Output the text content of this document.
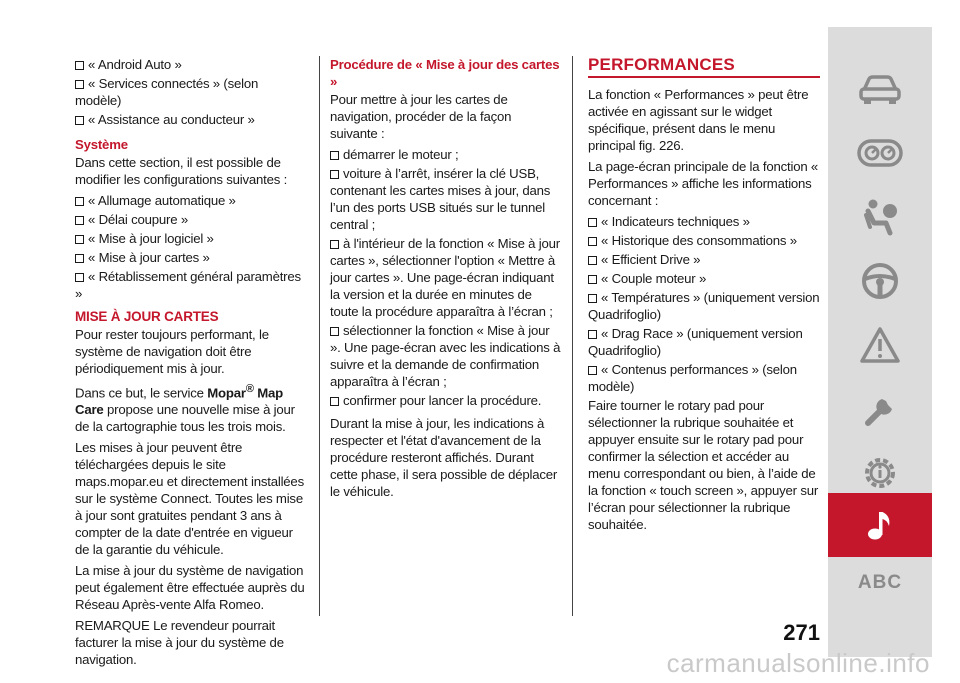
« Android Auto »
« Services connectés » (selon modèle)
« Assistance au conducteur »
Système

Dans cette section, il est possible de modifier les configurations suivantes :

« Allumage automatique »
« Délai coupure »
« Mise à jour logiciel »
« Mise à jour cartes »
« Rétablissement général paramètres »
MISE À JOUR CARTES

Pour rester toujours performant, le système de navigation doit être périodiquement mis à jour.

Dans ce but, le service Mopar® Map Care propose une nouvelle mise à jour de la cartographie tous les trois mois.

Les mises à jour peuvent être téléchargées depuis le site maps.mopar.eu et directement installées sur le système Connect. Toutes les mise à jour sont gratuites pendant 3 ans à compter de la date d'entrée en vigueur de la garantie du véhicule.

La mise à jour du système de navigation peut également être effectuée auprès du Réseau Après-vente Alfa Romeo.

REMARQUE Le revendeur pourrait facturer la mise à jour du système de navigation.

Procédure de « Mise à jour des cartes »

Pour mettre à jour les cartes de navigation, procéder de la façon suivante :

démarrer le moteur ;
voiture à l’arrêt, insérer la clé USB, contenant les cartes mises à jour, dans l’un des ports USB situés sur le tunnel central ;
à l'intérieur de la fonction « Mise à jour cartes », sélectionner l'option « Mettre à jour cartes ». Une page-écran indiquant la version et la durée en minutes de toute la procédure apparaîtra à l’écran ;
sélectionner la fonction « Mise à jour ». Une page-écran avec les indications à suivre et la demande de confirmation apparaîtra à l’écran ;
confirmer pour lancer la procédure.

Durant la mise à jour, les indications à respecter et l'état d'avancement de la procédure resteront affichés. Durant cette phase, il sera possible de déplacer le véhicule.

PERFORMANCES

La fonction « Performances » peut être activée en agissant sur le widget spécifique, présent dans le menu principal fig. 226.

La page-écran principale de la fonction « Performances » affiche les informations concernant :

« Indicateurs techniques »
« Historique des consommations »
« Efficient Drive »
« Couple moteur »
« Températures » (uniquement version Quadrifoglio)
« Drag Race » (uniquement version Quadrifoglio)
« Contenus performances » (selon modèle)

Faire tourner le rotary pad pour sélectionner la rubrique souhaitée et appuyer ensuite sur le rotary pad pour confirmer la sélection et accéder au menu correspondant ou bien, à l’aide de la fonction « touch screen », appuyer sur l’écran pour sélectionner la rubrique souhaitée.

ABC
271
carmanualsonline.info
